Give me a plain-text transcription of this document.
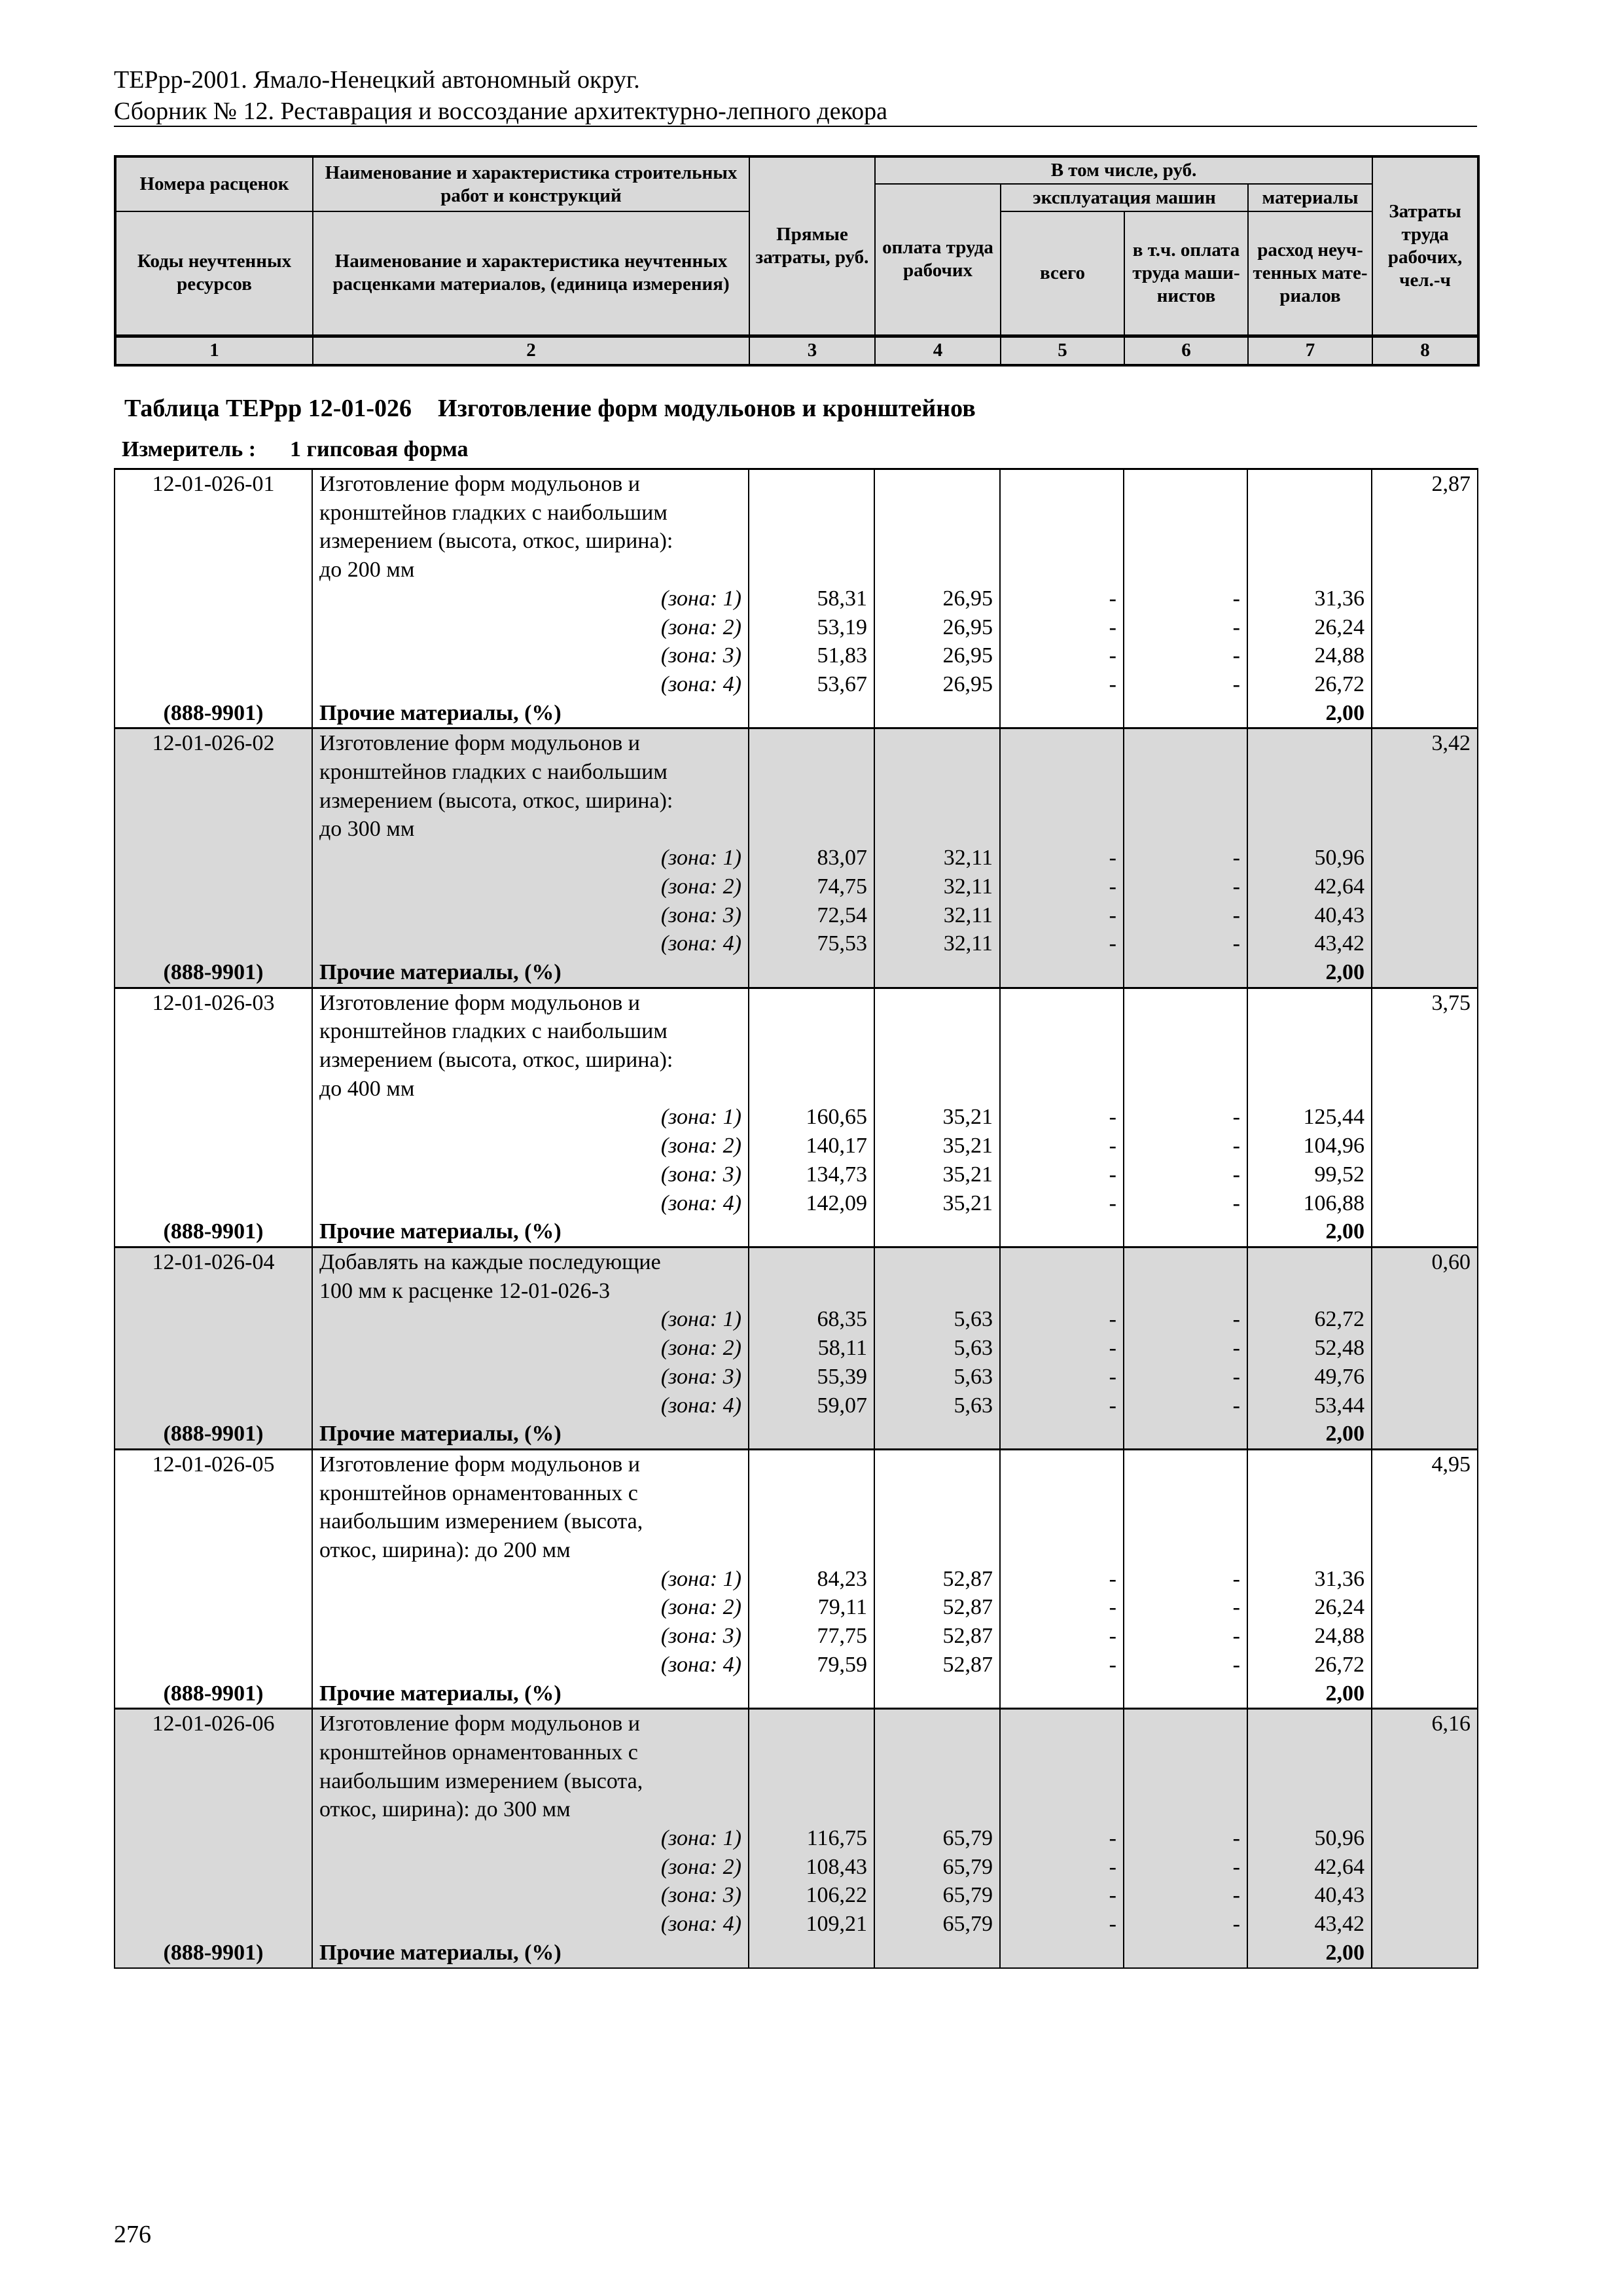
ТЕРрр-2001. Ямало-Ненецкий автономный округ.
Сборник № 12. Реставрация и воссоздание архитектурно-лепного декора
Номера расценок	Наименование и характеристика строительных работ и конструкций	Прямые затраты, руб.	В том числе, руб.				Затраты труда рабочих, чел.-ч
			оплата труда рабочих	эксплуатация машин		материалы	
Коды неучтенных ресурсов	Наименование и характеристика неучтенных расценками материалов, (единица измерения)			всего	в т.ч. оплата труда маши-нистов	расход неуч-тенных мате-риалов	
1	2	3	4	5	6	7	8
Таблица ТЕРрр 12-01-026 Изготовление форм модульонов и кронштейнов
Измеритель : 1 гипсовая форма
12-01-026-01	Изготовление форм модульонов и						2,87
	кронштейнов гладких с наибольшим						
	измерением (высота, откос, ширина):						
	до 200 мм						
	(зона: 1)	58,31	26,95	-	-	31,36	
	(зона: 2)	53,19	26,95	-	-	26,24	
	(зона: 3)	51,83	26,95	-	-	24,88	
	(зона: 4)	53,67	26,95	-	-	26,72	
(888-9901)	Прочие материалы, (%)					2,00	
12-01-026-02	Изготовление форм модульонов и						3,42
	кронштейнов гладких с наибольшим						
	измерением (высота, откос, ширина):						
	до 300 мм						
	(зона: 1)	83,07	32,11	-	-	50,96	
	(зона: 2)	74,75	32,11	-	-	42,64	
	(зона: 3)	72,54	32,11	-	-	40,43	
	(зона: 4)	75,53	32,11	-	-	43,42	
(888-9901)	Прочие материалы, (%)					2,00	
12-01-026-03	Изготовление форм модульонов и						3,75
	кронштейнов гладких с наибольшим						
	измерением (высота, откос, ширина):						
	до 400 мм						
	(зона: 1)	160,65	35,21	-	-	125,44	
	(зона: 2)	140,17	35,21	-	-	104,96	
	(зона: 3)	134,73	35,21	-	-	99,52	
	(зона: 4)	142,09	35,21	-	-	106,88	
(888-9901)	Прочие материалы, (%)					2,00	
12-01-026-04	Добавлять на каждые последующие						0,60
	100 мм к расценке 12-01-026-3						
	(зона: 1)	68,35	5,63	-	-	62,72	
	(зона: 2)	58,11	5,63	-	-	52,48	
	(зона: 3)	55,39	5,63	-	-	49,76	
	(зона: 4)	59,07	5,63	-	-	53,44	
(888-9901)	Прочие материалы, (%)					2,00	
12-01-026-05	Изготовление форм модульонов и						4,95
	кронштейнов орнаментованных с						
	наибольшим измерением (высота,						
	откос, ширина): до 200 мм						
	(зона: 1)	84,23	52,87	-	-	31,36	
	(зона: 2)	79,11	52,87	-	-	26,24	
	(зона: 3)	77,75	52,87	-	-	24,88	
	(зона: 4)	79,59	52,87	-	-	26,72	
(888-9901)	Прочие материалы, (%)					2,00	
12-01-026-06	Изготовление форм модульонов и						6,16
	кронштейнов орнаментованных с						
	наибольшим измерением (высота,						
	откос, ширина): до 300 мм						
	(зона: 1)	116,75	65,79	-	-	50,96	
	(зона: 2)	108,43	65,79	-	-	42,64	
	(зона: 3)	106,22	65,79	-	-	40,43	
	(зона: 4)	109,21	65,79	-	-	43,42	
(888-9901)	Прочие материалы, (%)					2,00	
276
